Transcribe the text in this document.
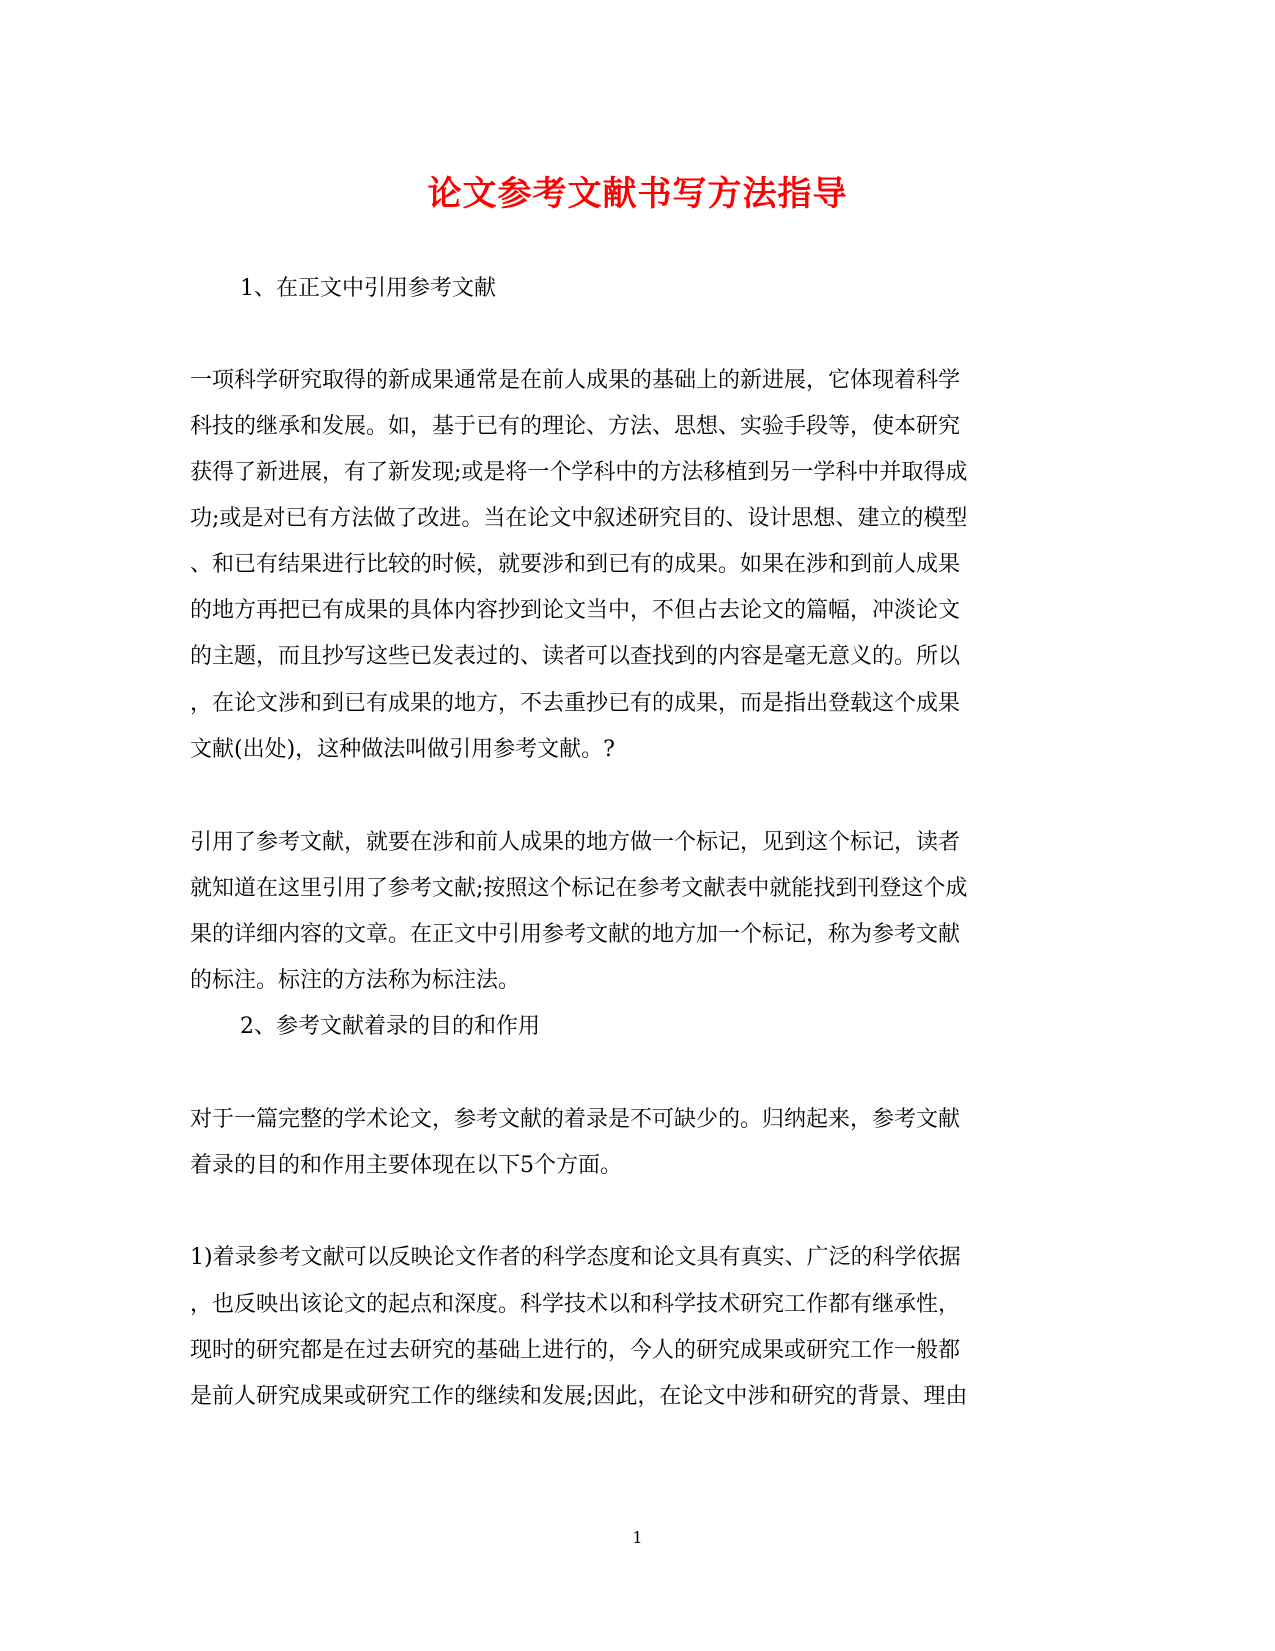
论文参考文献书写方法指导
1、在正文中引用参考文献
一项科学研究取得的新成果通常是在前人成果的基础上的新进展，它体现着科学
科技的继承和发展。如，基于已有的理论、方法、思想、实验手段等，使本研究
获得了新进展，有了新发现;或是将一个学科中的方法移植到另一学科中并取得成
功;或是对已有方法做了改进。当在论文中叙述研究目的、设计思想、建立的模型
、和已有结果进行比较的时候，就要涉和到已有的成果。如果在涉和到前人成果
的地方再把已有成果的具体内容抄到论文当中，不但占去论文的篇幅，冲淡论文
的主题，而且抄写这些已发表过的、读者可以查找到的内容是毫无意义的。所以
，在论文涉和到已有成果的地方，不去重抄已有的成果，而是指出登载这个成果
文献(出处)，这种做法叫做引用参考文献。?
引用了参考文献，就要在涉和前人成果的地方做一个标记，见到这个标记，读者
就知道在这里引用了参考文献;按照这个标记在参考文献表中就能找到刊登这个成
果的详细内容的文章。在正文中引用参考文献的地方加一个标记，称为参考文献
的标注。标注的方法称为标注法。
2、参考文献着录的目的和作用
对于一篇完整的学术论文，参考文献的着录是不可缺少的。归纳起来，参考文献
着录的目的和作用主要体现在以下5个方面。
1)着录参考文献可以反映论文作者的科学态度和论文具有真实、广泛的科学依据
，也反映出该论文的起点和深度。科学技术以和科学技术研究工作都有继承性，
现时的研究都是在过去研究的基础上进行的，今人的研究成果或研究工作一般都
是前人研究成果或研究工作的继续和发展;因此，在论文中涉和研究的背景、理由
1
